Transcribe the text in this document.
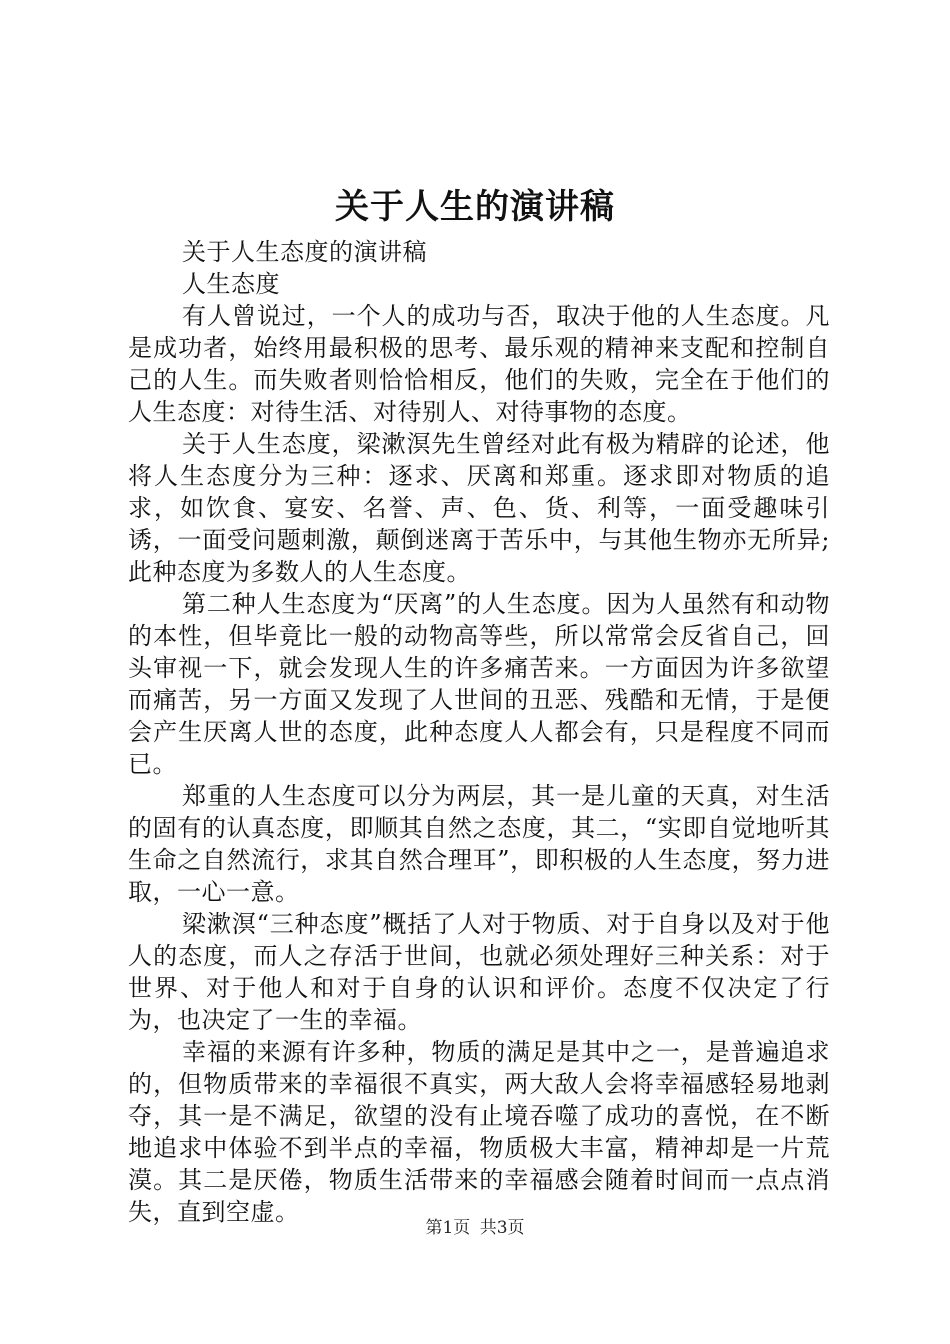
关于人生的演讲稿

关于人生态度的演讲稿

人生态度

有人曾说过，一个人的成功与否，取决于他的人生态度。凡是成功者，始终用最积极的思考、最乐观的精神来支配和控制自己的人生。而失败者则恰恰相反，他们的失败，完全在于他们的人生态度：对待生活、对待别人、对待事物的态度。

关于人生态度，梁漱溟先生曾经对此有极为精辟的论述，他将人生态度分为三种：逐求、厌离和郑重。逐求即对物质的追求，如饮食、宴安、名誉、声、色、货、利等，一面受趣味引诱，一面受问题刺激，颠倒迷离于苦乐中，与其他生物亦无所异;此种态度为多数人的人生态度。

第二种人生态度为“厌离”的人生态度。因为人虽然有和动物的本性，但毕竟比一般的动物高等些，所以常常会反省自己，回头审视一下，就会发现人生的许多痛苦来。一方面因为许多欲望而痛苦，另一方面又发现了人世间的丑恶、残酷和无情，于是便会产生厌离人世的态度，此种态度人人都会有，只是程度不同而已。

郑重的人生态度可以分为两层，其一是儿童的天真，对生活的固有的认真态度，即顺其自然之态度，其二，“实即自觉地听其生命之自然流行，求其自然合理耳”，即积极的人生态度，努力进取，一心一意。

梁漱溟“三种态度”概括了人对于物质、对于自身以及对于他人的态度，而人之存活于世间，也就必须处理好三种关系：对于世界、对于他人和对于自身的认识和评价。态度不仅决定了行为，也决定了一生的幸福。

幸福的来源有许多种，物质的满足是其中之一，是普遍追求的，但物质带来的幸福很不真实，两大敌人会将幸福感轻易地剥夺，其一是不满足，欲望的没有止境吞噬了成功的喜悦，在不断地追求中体验不到半点的幸福，物质极大丰富，精神却是一片荒漠。其二是厌倦，物质生活带来的幸福感会随着时间而一点点消失，直到空虚。

第1页 共3页
